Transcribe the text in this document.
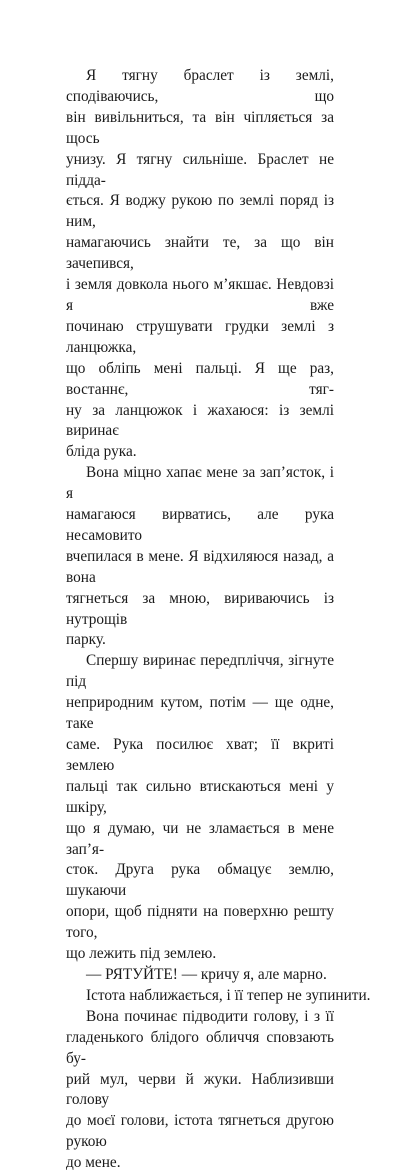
Я тягну браслет із землі, сподіваючись, що
він вивільниться, та він чіпляється за щось
унизу. Я тягну сильніше. Браслет не пiддa-
ється. Я воджу рукою по землі поряд із ним,
намагаючись знайти те, за що він зачепився,
і земля довкола нього м’якшає. Невдовзі я вже
починаю струшувати грудки землі з ланцюжка,
що обліпь мені пальці. Я ще раз, востаннє, тяг-
ну за ланцюжок і жахаюся: із землі виринає
бліда рука.

Вона міцно хапає мене за зап’ясток, і я
намагаюся вирватись, але рука несамовито
вчепилася в мене. Я відхиляюся назад, а вона
тягнеться за мною, вириваючись із нутрощів
парку.

Спершу виринає передпліччя, зігнуте під
неприродним кутом, потім — ще одне, таке
саме. Рука посилює хват; її вкриті землею
пальці так сильно втискаються мені у шкіру,
що я думаю, чи не зламається в мене зап’я-
сток. Друга рука обмацує землю, шукаючи
опори, щоб підняти на поверхню решту того,
що лежить під землею.

— РЯТУЙТЕ! — кричу я, але марно.

Істота наближається, і її тепер не зупинити.

Вона починає підводити голову, і з її
гладенького блідого обличчя сповзають бу-
рий мул, черви й жуки. Наблизивши голову
до моєї голови, істота тягнеться другою рукою
до мене.
